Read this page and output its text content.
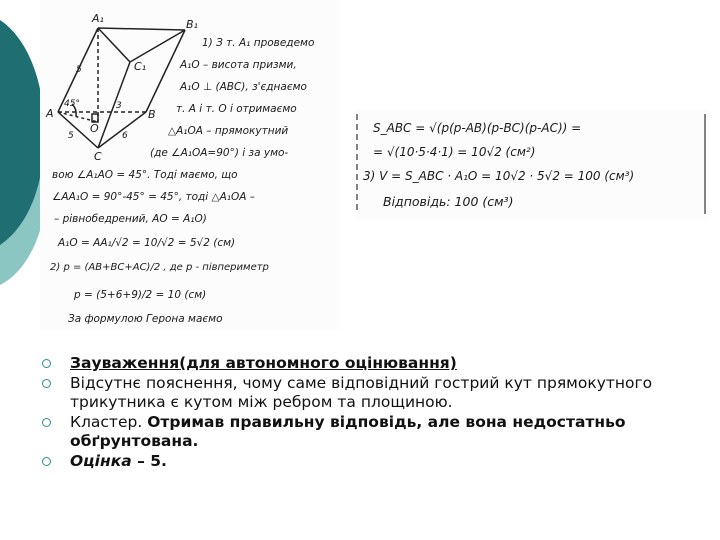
A₁	B₁
C₁
A	B
C
O
45°	3
5	6
5
1) З т. A₁ проведемо
A₁O – висота призми,
A₁O ⊥ (ABC), з'єднаємо
т. A і т. O і отримаємо
△A₁OA – прямокутний
(де ∠A₁OA=90°) і за умо-
вою ∠A₁AO = 45°. Тоді маємо, що
∠AA₁O = 90°-45° = 45°, тоді △A₁OA –
– рівнобедрений, AO = A₁O)
A₁O = AA₁/√2 = 10/√2 = 5√2 (см)
2) p = (AB+BC+AC)/2 , де p - півпериметр
p = (5+6+9)/2 = 10 (см)
За формулою Герона маємо
S_ABC = √(p(p-AB)(p-BC)(p-AC)) =
= √(10·5·4·1) = 10√2 (см²)
3) V = S_ABC · A₁O = 10√2 · 5√2 = 100 (см³)
Відповідь: 100 (см³)
Зауваження(для автономного оцінювання)
Відсутнє пояснення, чому саме відповідний гострий кут прямокутного трикутника є кутом між ребром та площиною.
Кластер. Отримав правильну відповідь, але вона недостатньо обґрунтована.
Оцінка – 5.
